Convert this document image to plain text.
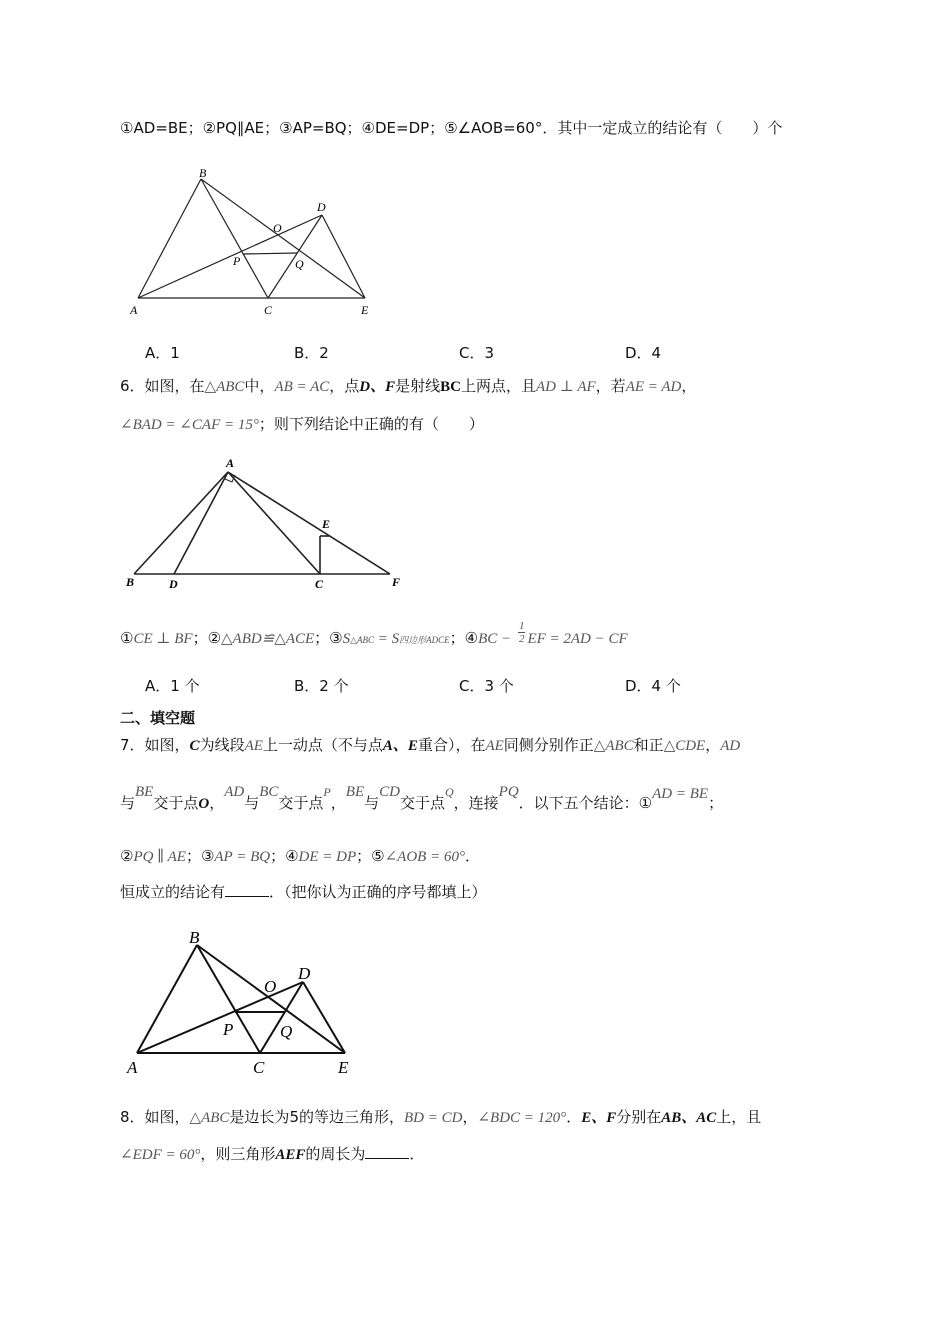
①AD=BE；②PQ∥AE；③AP=BQ；④DE=DP；⑤∠AOB=60°．其中一定成立的结论有（　　）个
B
D
O
P	Q
A	C	E
A．1	B．2	C．3	D．4
6．如图，在△ABC中，AB = AC，点D、F是射线BC上两点，且AD ⊥ AF，若AE = AD，
∠BAD = ∠CAF = 15°；则下列结论中正确的有（　　）
A
E
B	D	C	F
①CE ⊥ BF；②△ABD≌△ACE；③S△ABC = S四边形ADCE；④BC − $\frac{1}{2}$ EF = 2AD − CF
A．1 个	B．2 个	C．3 个	D．4 个
二、填空题
7．如图，C为线段AE上一动点（不与点A、E重合），在AE同侧分别作正△ABC和正△CDE，AD
与BE交于点O，AD与BC交于点$^P$，BE与CD交于点$^Q$，连接PQ．以下五个结论：①AD = BE；
②PQ ∥ AE；③AP = BQ；④DE = DP；⑤∠AOB = 60°．
恒成立的结论有	．（把你认为正确的序号都填上）
B
D
O
P	Q
A	C	E
8．如图，△ABC是边长为5的等边三角形，BD = CD，∠BDC = 120°．E、F分别在AB、AC上，且
∠EDF = 60°，则三角形AEF的周长为	．
